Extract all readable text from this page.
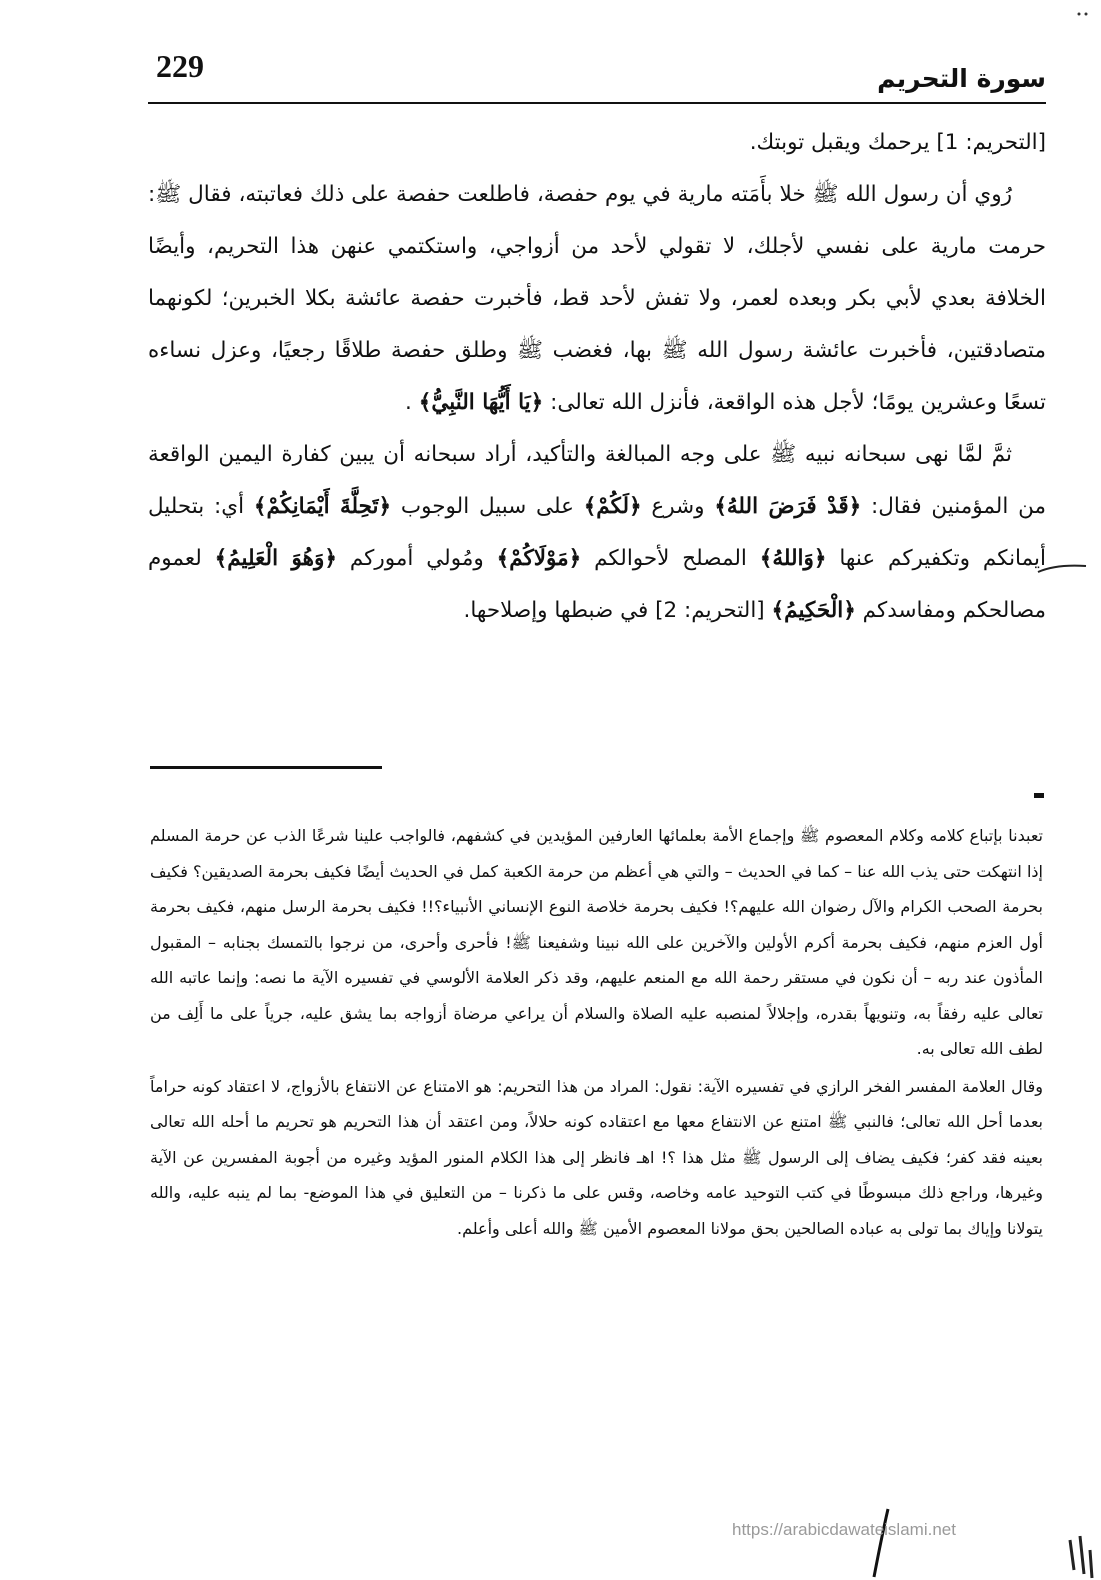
229	سورة التحريم

[التحريم: 1] يرحمك ويقبل توبتك.

رُوي أن رسول الله ﷺ خلا بأَمَته مارية في يوم حفصة، فاطلعت حفصة على ذلك فعاتبته، فقال ﷺ: حرمت مارية على نفسي لأجلك، لا تقولي لأحد من أزواجي، واستكتمي عنهن هذا التحريم، وأيضًا الخلافة بعدي لأبي بكر وبعده لعمر، ولا تفش لأحد قط، فأخبرت حفصة عائشة بكلا الخبرين؛ لكونهما متصادقتين، فأخبرت عائشة رسول الله ﷺ بها، فغضب ﷺ وطلق حفصة طلاقًا رجعيًا، وعزل نساءه تسعًا وعشرين يومًا؛ لأجل هذه الواقعة، فأنزل الله تعالى: ﴿يَا أَيُّهَا النَّبِيُّ﴾ .

ثمَّ لمَّا نهى سبحانه نبيه ﷺ على وجه المبالغة والتأكيد، أراد سبحانه أن يبين كفارة اليمين الواقعة من المؤمنين فقال: ﴿قَدْ فَرَضَ اللهُ﴾ وشرع ﴿لَكُمْ﴾ على سبيل الوجوب ﴿تَحِلَّةَ أَيْمَانِكُمْ﴾ أي: بتحليل أيمانكم وتكفيركم عنها ﴿وَاللهُ﴾ المصلح لأحوالكم ﴿مَوْلَاكُمْ﴾ ومُولي أموركم ﴿وَهُوَ الْعَلِيمُ﴾ لعموم مصالحكم ومفاسدكم ﴿الْحَكِيمُ﴾ [التحريم: 2] في ضبطها وإصلاحها.

تعبدنا بإتباع كلامه وكلام المعصوم ﷺ وإجماع الأمة بعلمائها العارفين المؤيدين في كشفهم، فالواجب علينا شرعًا الذب عن حرمة المسلم إذا انتهكت حتى يذب الله عنا – كما في الحديث – والتي هي أعظم من حرمة الكعبة كمل في الحديث أيضًا فكيف بحرمة الصديقين؟ فكيف بحرمة الصحب الكرام والآل رضوان الله عليهم؟! فكيف بحرمة خلاصة النوع الإنساني الأنبياء؟!! فكيف بحرمة الرسل منهم، فكيف بحرمة أول العزم منهم، فكيف بحرمة أكرم الأولين والآخرين على الله نبينا وشفيعنا ﷺ! فأحرى وأحرى، من نرجوا بالتمسك بجنابه – المقبول المأذون عند ربه – أن نكون في مستقر رحمة الله مع المنعم عليهم، وقد ذكر العلامة الألوسي في تفسيره الآية ما نصه: وإنما عاتبه الله تعالى عليه رفقاً به، وتنويهاً بقدره، وإجلالاً لمنصبه عليه الصلاة والسلام أن يراعي مرضاة أزواجه بما يشق عليه، جرياً على ما أَلِف من لطف الله تعالى به.

وقال العلامة المفسر الفخر الرازي في تفسيره الآية: نقول: المراد من هذا التحريم: هو الامتناع عن الانتفاع بالأزواج، لا اعتقاد كونه حراماً بعدما أحل الله تعالى؛ فالنبي ﷺ امتنع عن الانتفاع معها مع اعتقاده كونه حلالاً، ومن اعتقد أن هذا التحريم هو تحريم ما أحله الله تعالى بعينه فقد كفر؛ فكيف يضاف إلى الرسول ﷺ مثل هذا ؟! اهـ فانظر إلى هذا الكلام المنور المؤيد وغيره من أجوبة المفسرين عن الآية وغيرها، وراجع ذلك مبسوطًا في كتب التوحيد عامه وخاصه، وقس على ما ذكرنا – من التعليق في هذا الموضع- بما لم ينبه عليه، والله يتولانا وإياك بما تولى به عباده الصالحين بحق مولانا المعصوم الأمين ﷺ والله أعلى وأعلم.

https://arabicdawateislami.net
